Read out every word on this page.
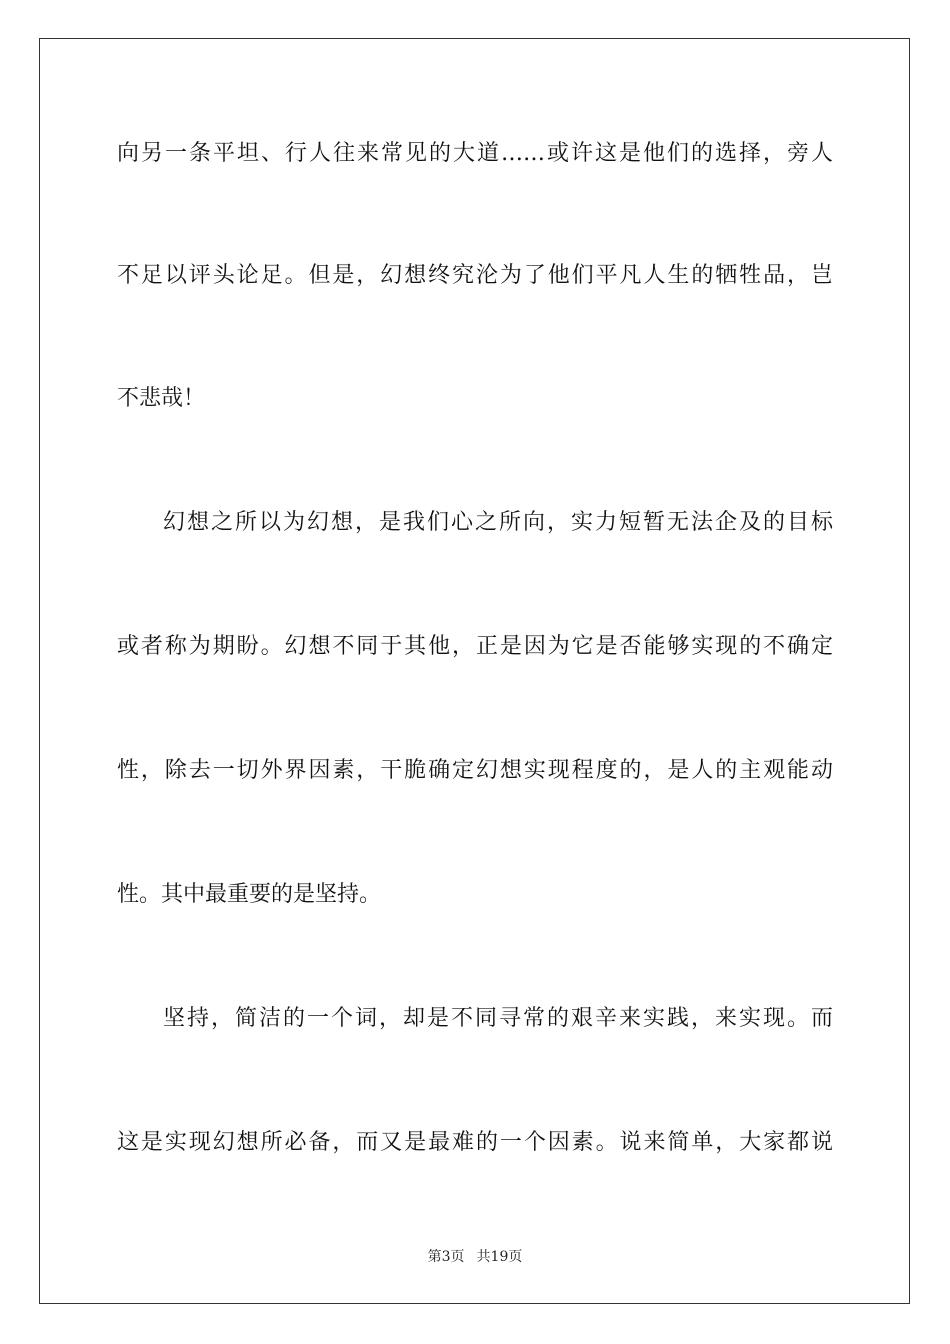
向另一条平坦、行人往来常见的大道……或许这是他们的选择，旁人
不足以评头论足。但是，幻想终究沦为了他们平凡人生的牺牲品，岂
不悲哉！
幻想之所以为幻想，是我们心之所向，实力短暂无法企及的目标
或者称为期盼。幻想不同于其他，正是因为它是否能够实现的不确定
性，除去一切外界因素，干脆确定幻想实现程度的，是人的主观能动
性。其中最重要的是坚持。
坚持，简洁的一个词，却是不同寻常的艰辛来实践，来实现。而
这是实现幻想所必备，而又是最难的一个因素。说来简单，大家都说
第3页 共19页
